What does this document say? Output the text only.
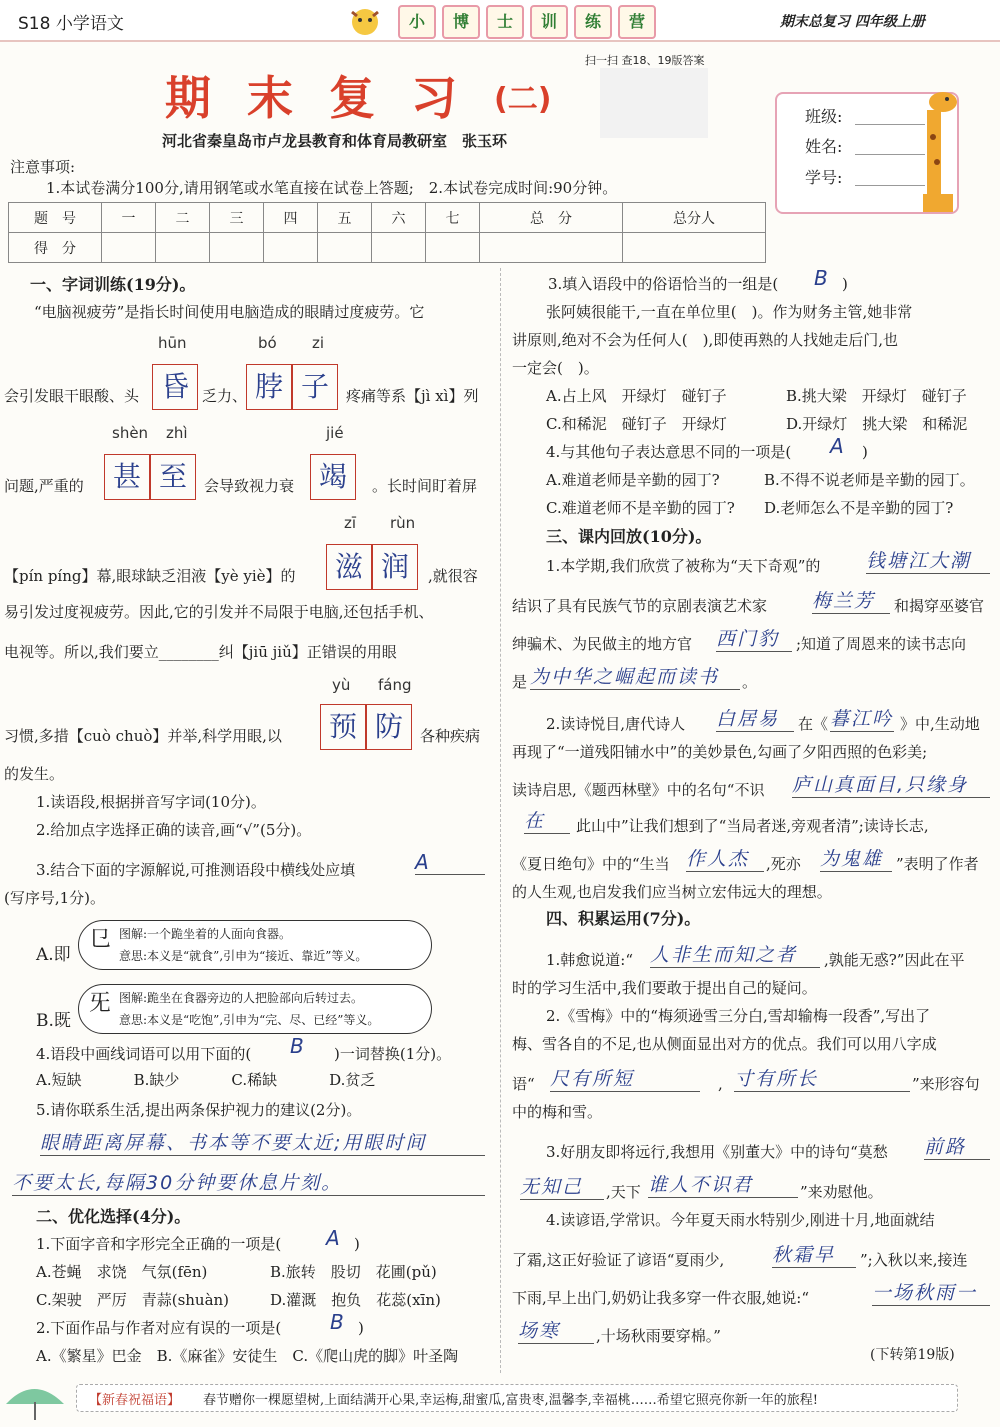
S18 小学语文	小	博	士	训	练	营	期末总复习 四年级上册
扫一扫 查18、19版答案
期 末 复 习 (二)
河北省秦皇岛市卢龙县教育和体育局教研室　张玉环
班级:
姓名:
学号:
注意事项:
1.本试卷满分100分,请用钢笔或水笔直接在试卷上答题;　2.本试卷完成时间:90分钟。
题　号	一	二	三	四	五	六	七	总　分	总分人
得　分									
一、字词训练(19分)。
“电脑视疲劳”是指长时间使用电脑造成的眼睛过度疲劳。它
hūn	bó zi
会引发眼干眼酸、头 昏 乏力、 脖 子	疼痛等系【jì xì】列
shèn zhì	jié
问题,严重的	甚 至	会导致视力衰 竭	。长时间盯着屏
zī rùn
【pín píng】幕,眼球缺乏泪液【yè yiè】的	滋 润	,就很容
易引发过度视疲劳。因此,它的引发并不局限于电脑,还包括手机、
电视等。所以,我们要立________纠【jiū jiǔ】正错误的用眼
yù fáng
习惯,多措【cuò chuò】并举,科学用眼,以	预 防	各种疾病
的发生。
1.读语段,根据拼音写字词(10分)。
2.给加点字选择正确的读音,画“√”(5分)。
3.结合下面的字源解说,可推测语段中横线处应填	A
(写序号,1分)。
A.即
㔾 图解:一个跪坐着的人面向食器。
意思:本义是“就食”,引申为“接近、靠近”等义。
B.既
旡 图解:跪坐在食器旁边的人把脸部向后转过去。
意思:本义是“吃饱”,引申为“完、尽、已经”等义。
4.语段中画线词语可以用下面的( B )一词替换(1分)。
A.短缺	B.缺少	C.稀缺	D.贫乏
5.请你联系生活,提出两条保护视力的建议(2分)。
眼睛距离屏幕、书本等不要太近;用眼时间
不要太长,每隔30分钟要休息片刻。
二、优化选择(4分)。
1.下面字音和字形完全正确的一项是( A )
A.苍蝇　求饶　气氛(fēn)	B.旅转　股切　花圃(pǔ)
C.架驶　严厉　青蒜(shuàn)	D.灌溉　抱负　花蕊(xīn)
2.下面作品与作者对应有误的一项是( B )
A.《繁星》巴金　B.《麻雀》安徒生　C.《爬山虎的脚》叶圣陶
3.填入语段中的俗语恰当的一组是( B )
张阿姨很能干,一直在单位里(　)。作为财务主管,她非常
讲原则,绝对不会为任何人(　),即使再熟的人找她走后门,也
一定会(　)。
A.占上风　开绿灯　碰钉子	B.挑大梁　开绿灯　碰钉子
C.和稀泥　碰钉子　开绿灯	D.开绿灯　挑大梁　和稀泥
4.与其他句子表达意思不同的一项是( A )
A.难道老师是辛勤的园丁?	B.不得不说老师是辛勤的园丁。
C.难道老师不是辛勤的园丁? D.老师怎么不是辛勤的园丁?
三、课内回放(10分)。
1.本学期,我们欣赏了被称为“天下奇观”的 钱塘江大潮
结识了具有民族气节的京剧表演艺术家 梅兰芳	和揭穿巫婆官
绅骗术、为民做主的地方官 西门豹	;知道了周恩来的读书志向
是 为中华之崛起而读书	。
2.读诗悦目,唐代诗人 白居易	在《 暮江吟 》中,生动地
再现了“一道残阳铺水中”的美妙景色,勾画了夕阳西照的色彩美;
读诗启思,《题西林壁》中的名句“不识 庐山真面目,只缘身
在	此山中”让我们想到了“当局者迷,旁观者清”;读诗长志,
《夏日绝句》中的“生当 作人杰	,死亦 为鬼雄 ”表明了作者
的人生观,也启发我们应当树立宏伟远大的理想。
四、积累运用(7分)。
1.韩愈说道:“ 人非生而知之者	,孰能无惑?”因此在平
时的学习生活中,我们要敢于提出自己的疑问。
2.《雪梅》中的“梅须逊雪三分白,雪却输梅一段香”,写出了
梅、雪各自的不足,也从侧面显出对方的优点。我们可以用八字成
语“ 尺有所短	, 寸有所长	”来形容句
中的梅和雪。
3.好朋友即将远行,我想用《别董大》中的诗句“莫愁 前路
无知己	,天下 谁人不识君	”来劝慰他。
4.读谚语,学常识。今年夏天雨水特别少,刚进十月,地面就结
了霜,这正好验证了谚语“夏雨少,	秋霜早	”;入秋以来,接连
下雨,早上出门,奶奶让我多穿一件衣服,她说:“	一场秋雨一
场寒	,十场秋雨要穿棉。”
(下转第19版)
【新春祝福语】 春节赠你一棵愿望树,上面结满开心果,幸运梅,甜蜜瓜,富贵枣,温馨李,幸福桃……希望它照亮你新一年的旅程!
